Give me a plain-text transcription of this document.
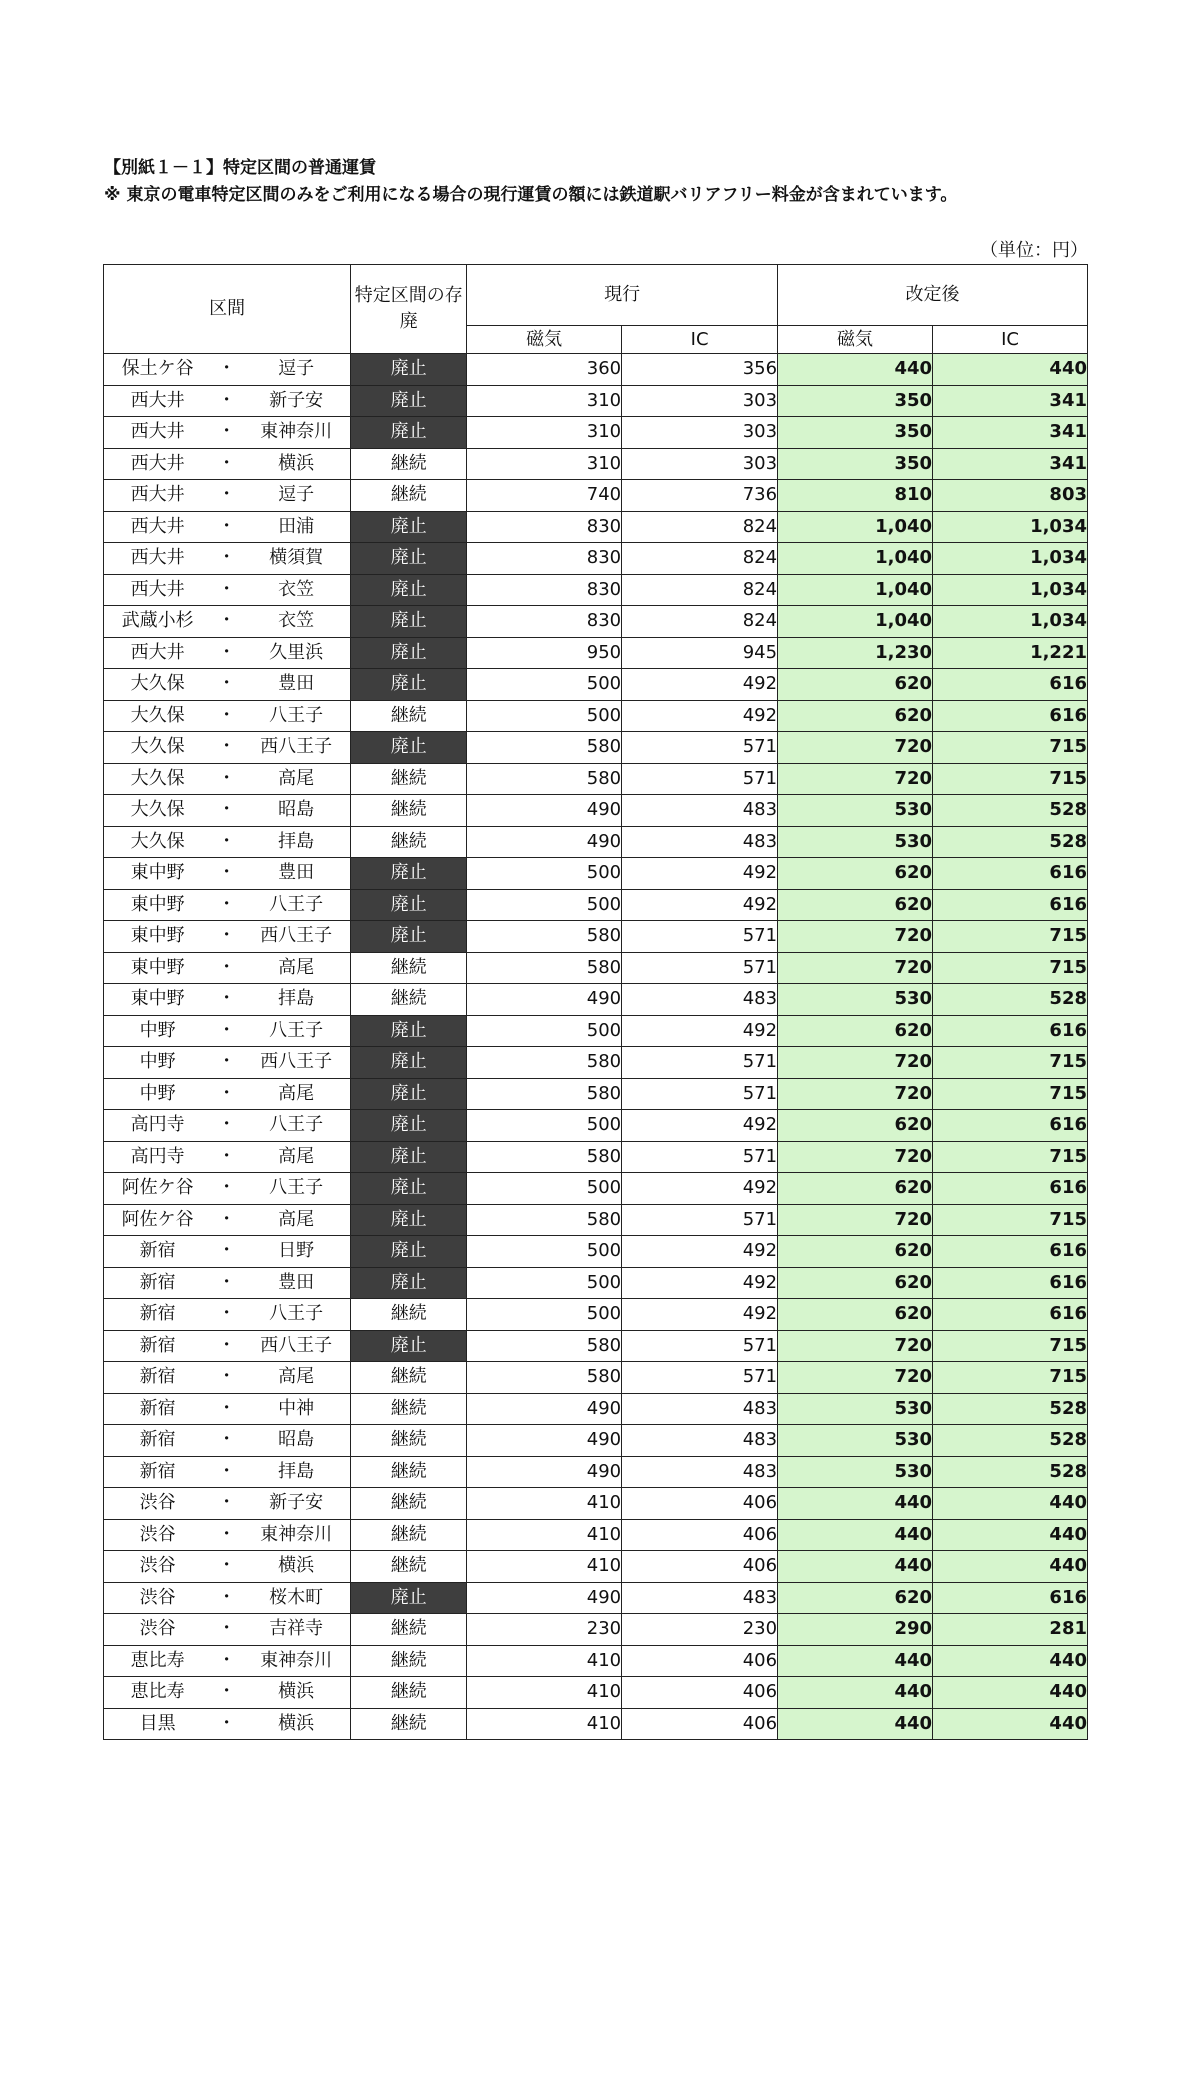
【別紙１－１】特定区間の普通運賃
※ 東京の電車特定区間のみをご利用になる場合の現行運賃の額には鉄道駅バリアフリー料金が含まれています。
（単位：円）
区間			特定区間の存廃	現行		改定後	
				磁気	IC	磁気	IC
保土ケ谷	・	逗子	廃止	360	356	440	440
西大井	・	新子安	廃止	310	303	350	341
西大井	・	東神奈川	廃止	310	303	350	341
西大井	・	横浜	継続	310	303	350	341
西大井	・	逗子	継続	740	736	810	803
西大井	・	田浦	廃止	830	824	1,040	1,034
西大井	・	横須賀	廃止	830	824	1,040	1,034
西大井	・	衣笠	廃止	830	824	1,040	1,034
武蔵小杉	・	衣笠	廃止	830	824	1,040	1,034
西大井	・	久里浜	廃止	950	945	1,230	1,221
大久保	・	豊田	廃止	500	492	620	616
大久保	・	八王子	継続	500	492	620	616
大久保	・	西八王子	廃止	580	571	720	715
大久保	・	高尾	継続	580	571	720	715
大久保	・	昭島	継続	490	483	530	528
大久保	・	拝島	継続	490	483	530	528
東中野	・	豊田	廃止	500	492	620	616
東中野	・	八王子	廃止	500	492	620	616
東中野	・	西八王子	廃止	580	571	720	715
東中野	・	高尾	継続	580	571	720	715
東中野	・	拝島	継続	490	483	530	528
中野	・	八王子	廃止	500	492	620	616
中野	・	西八王子	廃止	580	571	720	715
中野	・	高尾	廃止	580	571	720	715
高円寺	・	八王子	廃止	500	492	620	616
高円寺	・	高尾	廃止	580	571	720	715
阿佐ケ谷	・	八王子	廃止	500	492	620	616
阿佐ケ谷	・	高尾	廃止	580	571	720	715
新宿	・	日野	廃止	500	492	620	616
新宿	・	豊田	廃止	500	492	620	616
新宿	・	八王子	継続	500	492	620	616
新宿	・	西八王子	廃止	580	571	720	715
新宿	・	高尾	継続	580	571	720	715
新宿	・	中神	継続	490	483	530	528
新宿	・	昭島	継続	490	483	530	528
新宿	・	拝島	継続	490	483	530	528
渋谷	・	新子安	継続	410	406	440	440
渋谷	・	東神奈川	継続	410	406	440	440
渋谷	・	横浜	継続	410	406	440	440
渋谷	・	桜木町	廃止	490	483	620	616
渋谷	・	吉祥寺	継続	230	230	290	281
恵比寿	・	東神奈川	継続	410	406	440	440
恵比寿	・	横浜	継続	410	406	440	440
目黒	・	横浜	継続	410	406	440	440
